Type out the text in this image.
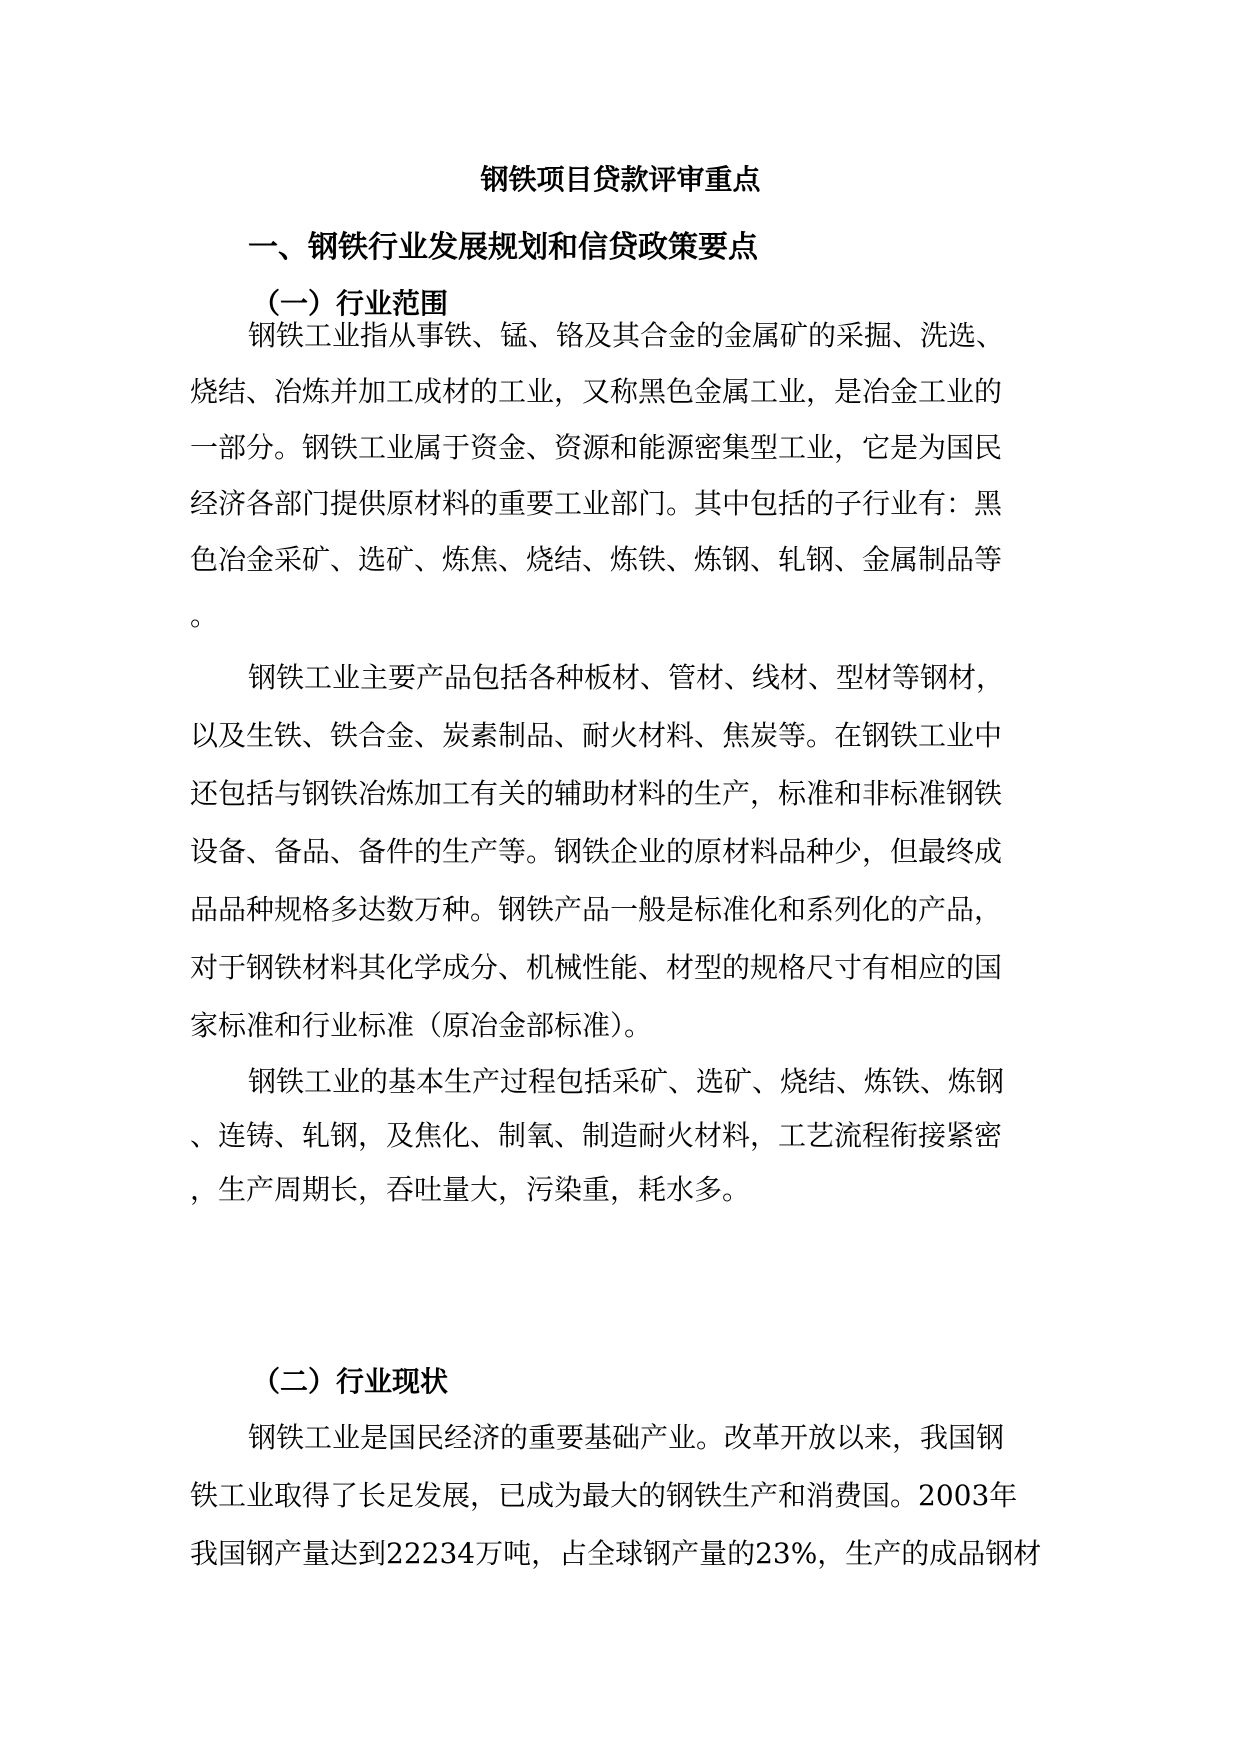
钢铁项目贷款评审重点
一、钢铁行业发展规划和信贷政策要点
（一）行业范围
钢铁工业指从事铁、锰、铬及其合金的金属矿的采掘、洗选、
烧结、冶炼并加工成材的工业，又称黑色金属工业，是冶金工业的
一部分。钢铁工业属于资金、资源和能源密集型工业，它是为国民
经济各部门提供原材料的重要工业部门。其中包括的子行业有：黑
色冶金采矿、选矿、炼焦、烧结、炼铁、炼钢、轧钢、金属制品等
。
钢铁工业主要产品包括各种板材、管材、线材、型材等钢材，
以及生铁、铁合金、炭素制品、耐火材料、焦炭等。在钢铁工业中
还包括与钢铁冶炼加工有关的辅助材料的生产，标准和非标准钢铁
设备、备品、备件的生产等。钢铁企业的原材料品种少，但最终成
品品种规格多达数万种。钢铁产品一般是标准化和系列化的产品，
对于钢铁材料其化学成分、机械性能、材型的规格尺寸有相应的国
家标准和行业标准（原冶金部标准）。
钢铁工业的基本生产过程包括采矿、选矿、烧结、炼铁、炼钢
、连铸、轧钢，及焦化、制氧、制造耐火材料，工艺流程衔接紧密
，生产周期长，吞吐量大，污染重，耗水多。
（二）行业现状
钢铁工业是国民经济的重要基础产业。改革开放以来，我国钢
铁工业取得了长足发展，已成为最大的钢铁生产和消费国。2003年
我国钢产量达到22234万吨，占全球钢产量的23%，生产的成品钢材
